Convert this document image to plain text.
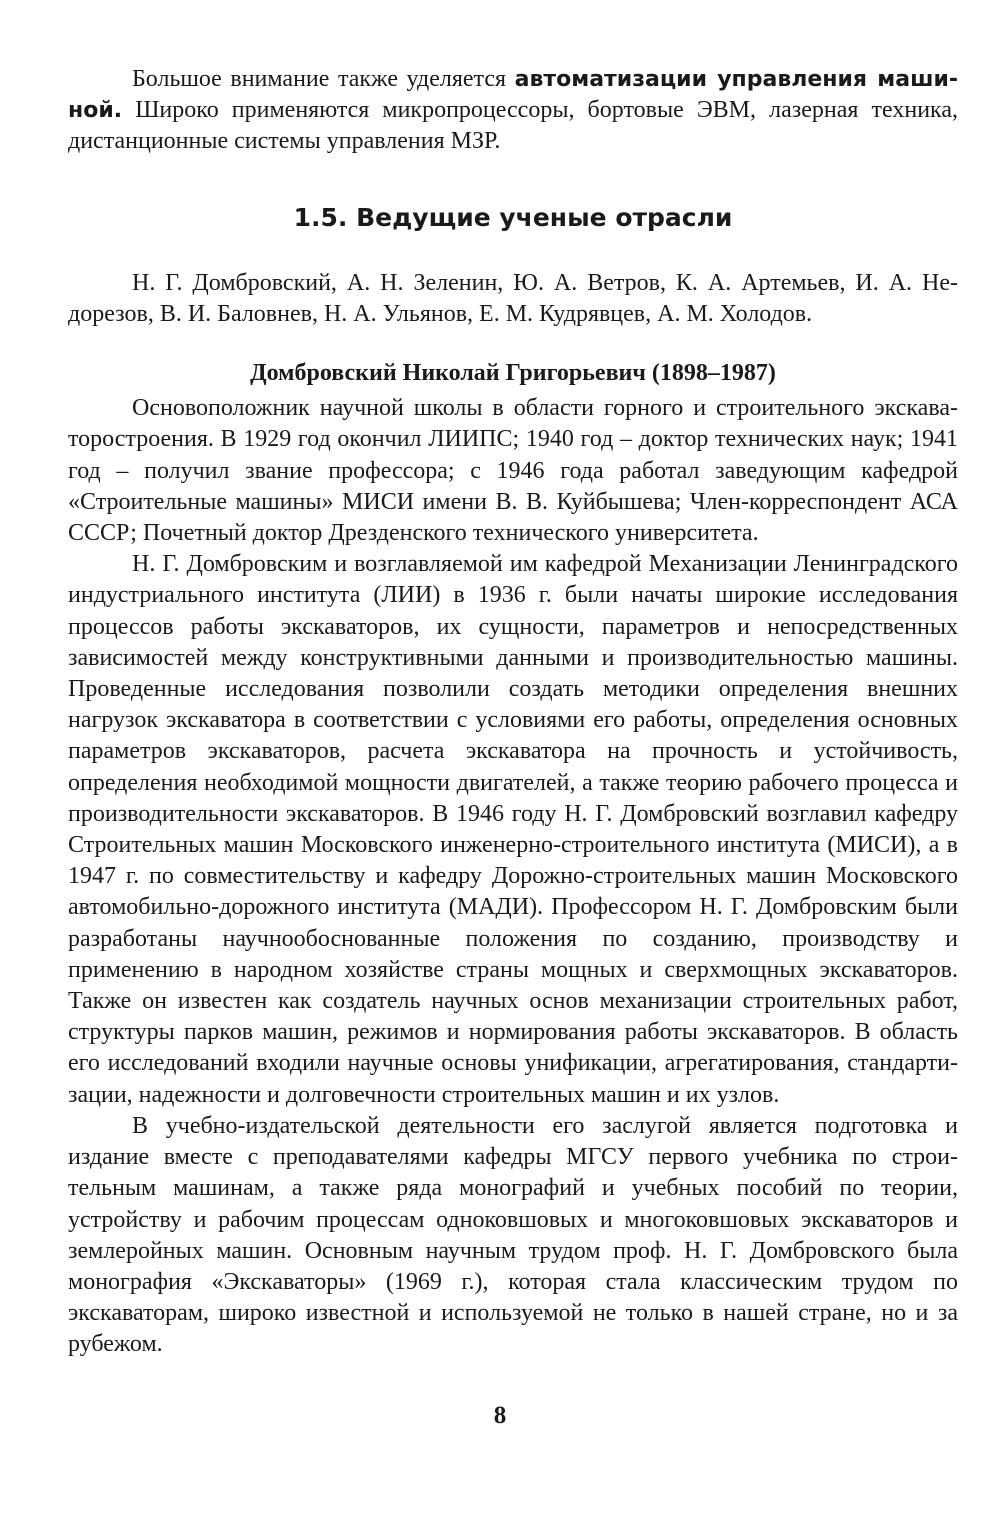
Большое внимание также уделяется автоматизации управления машиной. Широко применяются микропроцессоры, бортовые ЭВМ, лазерная техника, дистанционные системы управления МЗР.

1.5. Ведущие ученые отрасли

Н. Г. Домбровский, А. Н. Зеленин, Ю. А. Ветров, К. А. Артемьев, И. А. Недорезов, В. И. Баловнев, Н. А. Ульянов, Е. М. Кудрявцев, А. М. Холодов.

Домбровский Николай Григорьевич (1898–1987)

Основоположник научной школы в области горного и строительного экскаваторостроения. В 1929 год окончил ЛИИПС; 1940 год – доктор технических наук; 1941 год – получил звание профессора; с 1946 года работал заведующим кафедрой «Строительные машины» МИСИ имени В. В. Куйбышева; Член-корреспондент АСА СССР; Почетный доктор Дрезденского технического университета.

Н. Г. Домбровским и возглавляемой им кафедрой Механизации Ленинградского индустриального института (ЛИИ) в 1936 г. были начаты широкие исследования процессов работы экскаваторов, их сущности, параметров и непосредственных зависимостей между конструктивными данными и производительностью машины. Проведенные исследования позволили создать методики определения внешних нагрузок экскаватора в соответствии с условиями его работы, определения основных параметров экскаваторов, расчета экскаватора на прочность и устойчивость, определения необходимой мощности двигателей, а также теорию рабочего процесса и производительности экскаваторов. В 1946 году Н. Г. Домбровский возглавил кафедру Строительных машин Московского инженерно-строительного института (МИСИ), а в 1947 г. по совместительству и кафедру Дорожно-строительных машин Московского автомобильно-дорожного института (МАДИ). Профессором Н. Г. Домбровским были разработаны научнообоснованные положения по созданию, производству и применению в народном хозяйстве страны мощных и сверхмощных экскаваторов. Также он известен как создатель научных основ механизации строительных работ, структуры парков машин, режимов и нормирования работы экскаваторов. В область его исследований входили научные основы унификации, агрегатирования, стандартизации, надежности и долговечности строительных машин и их узлов.

В учебно-издательской деятельности его заслугой является подготовка и издание вместе с преподавателями кафедры МГСУ первого учебника по строительным машинам, а также ряда монографий и учебных пособий по теории, устройству и рабочим процессам одноковшовых и многоковшовых экскаваторов и землеройных машин. Основным научным трудом проф. Н. Г. Домбровского была монография «Экскаваторы» (1969 г.), которая стала классическим трудом по экскаваторам, широко известной и используемой не только в нашей стране, но и за рубежом.

8
